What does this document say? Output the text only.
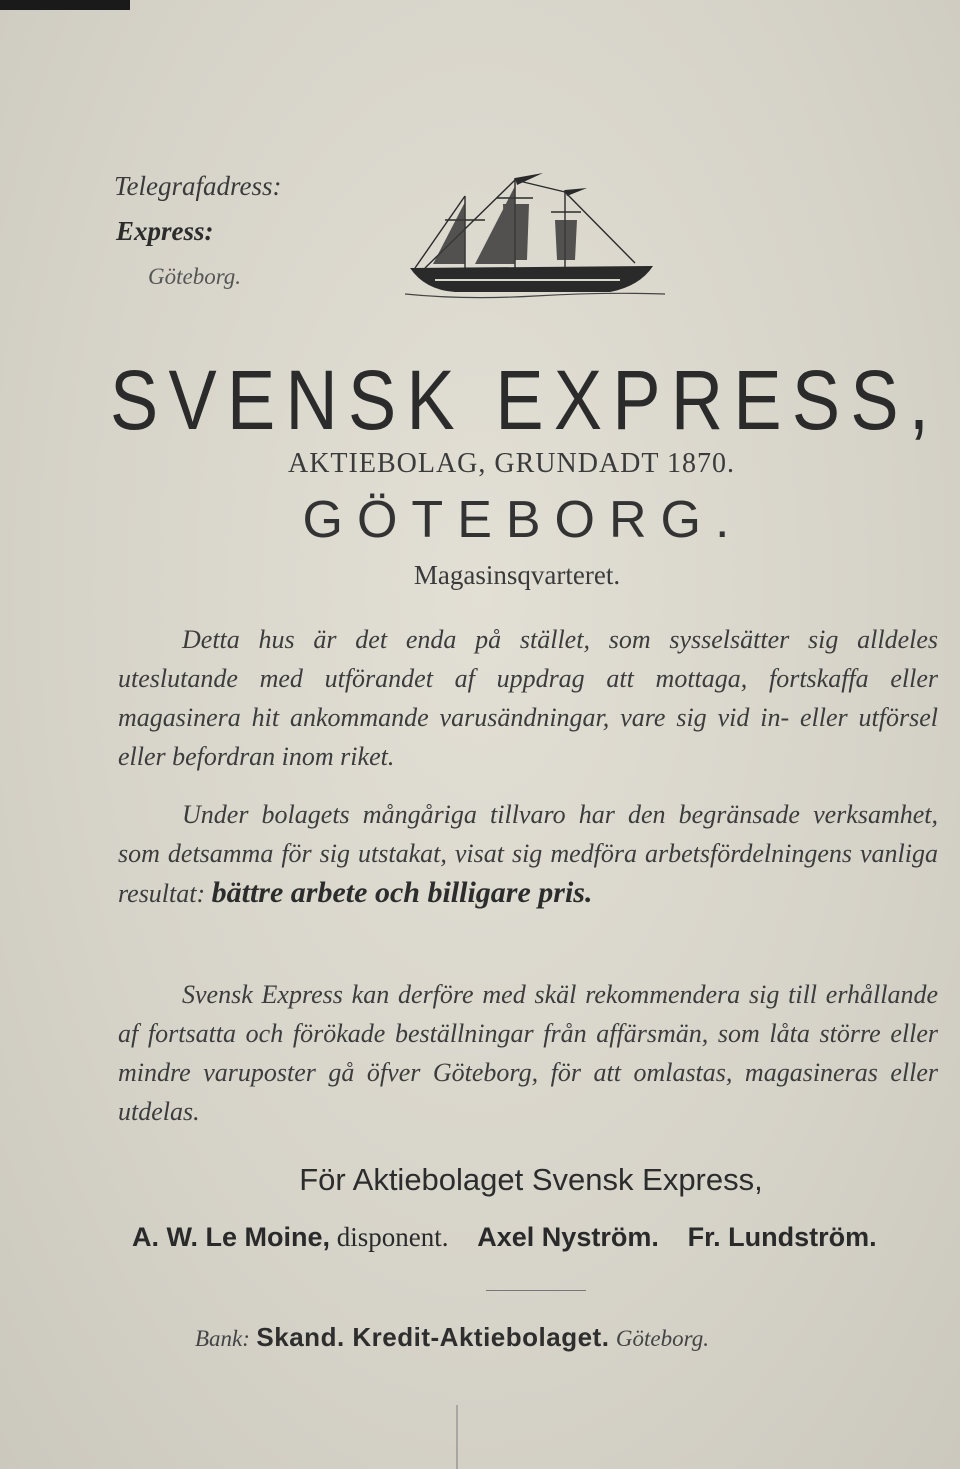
Telegrafadress:
Express:
Göteborg.
SVENSK EXPRESS,
AKTIEBOLAG, GRUNDADT 1870.
GÖTEBORG.
Magasinsqvarteret.

Detta hus är det enda på stället, som sysselsätter sig alldeles uteslutande med utförandet af uppdrag att mottaga, fortskaffa eller magasinera hit ankommande varusändningar, vare sig vid in- eller utförsel eller befordran inom riket.

Under bolagets mångåriga tillvaro har den begränsade verksamhet, som detsamma för sig utstakat, visat sig medföra arbetsfördelningens vanliga resultat: bättre arbete och billigare pris.

Svensk Express kan derföre med skäl rekommendera sig till erhållande af fortsatta och förökade beställningar från affärsmän, som låta större eller mindre varuposter gå öfver Göteborg, för att omlastas, magasineras eller utdelas.

För Aktiebolaget Svensk Express,
A. W. Le Moine, disponent. Axel Nyström. Fr. Lundström.
Bank: Skand. Kredit-Aktiebolaget. Göteborg.
